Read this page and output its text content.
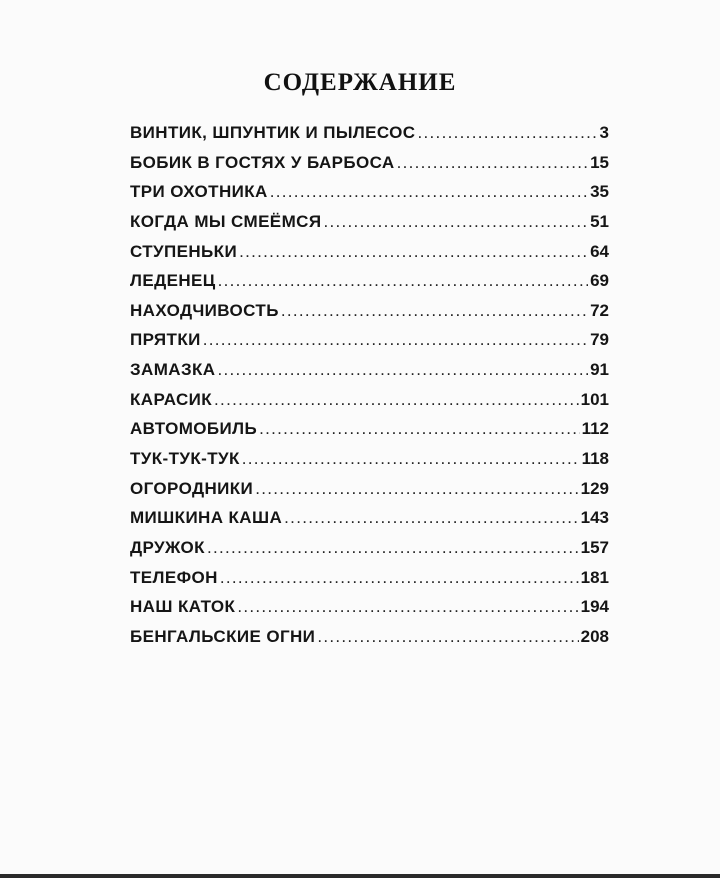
СОДЕРЖАНИЕ
ВИНТИК, ШПУНТИК И ПЫЛЕСОС .....	3
БОБИК В ГОСТЯХ У БАРБОСА .....	15
ТРИ ОХОТНИКА .....	35
КОГДА МЫ СМЕЁМСЯ .....	51
СТУПЕНЬКИ .....	64
ЛЕДЕНЕЦ .....	69
НАХОДЧИВОСТЬ .....	72
ПРЯТКИ .....	79
ЗАМАЗКА .....	91
КАРАСИК .....	101
АВТОМОБИЛЬ .....	112
ТУК-ТУК-ТУК .....	118
ОГОРОДНИКИ .....	129
МИШКИНА КАША .....	143
ДРУЖОК .....	157
ТЕЛЕФОН .....	181
НАШ КАТОК .....	194
БЕНГАЛЬСКИЕ ОГНИ .....	208
